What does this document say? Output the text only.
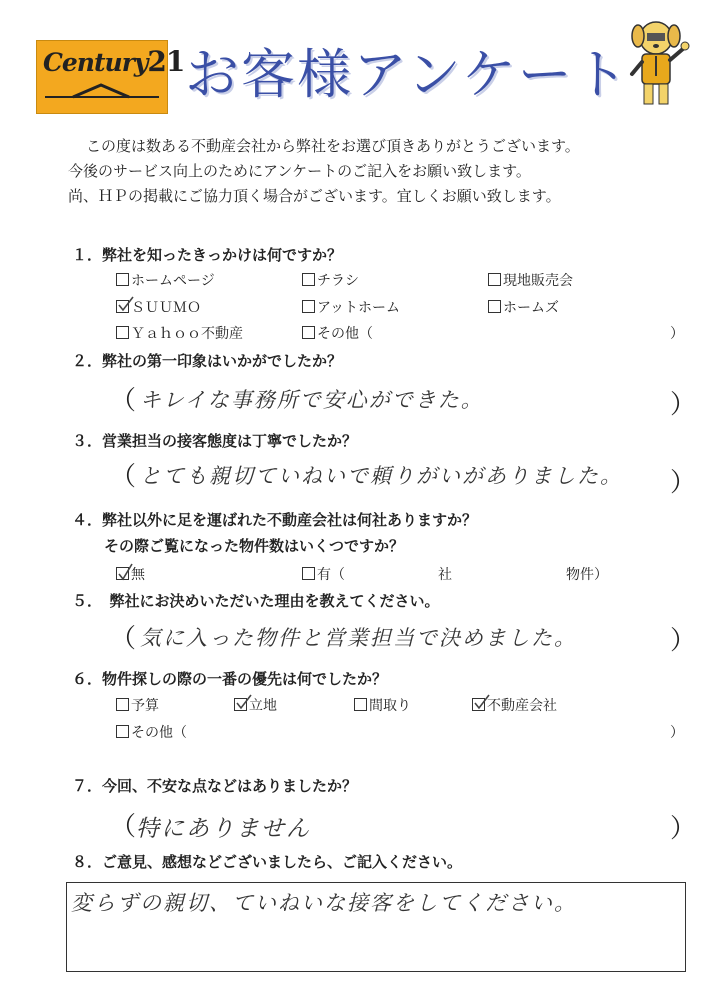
Century21 お客様アンケート
この度は数ある不動産会社から弊社をお選び頂きありがとうございます。
今後のサービス向上のためにアンケートのご記入をお願い致します。
尚、ＨＰの掲載にご協力頂く場合がございます。宜しくお願い致します。
１．弊社を知ったきっかけは何ですか？
ホームページ	チラシ	現地販売会
ＳＵＵＭＯ	アットホーム	ホームズ
Ｙａｈｏｏ不動産	その他（	）
２．弊社の第一印象はいかがでしたか？
（ キレイな事務所で安心ができた。	）
３．営業担当の接客態度は丁寧でしたか？
（ とても親切ていねいで頼りがいがありました。 ）
４．弊社以外に足を運ばれた不動産会社は何社ありますか？
その際ご覧になった物件数はいくつですか？
無	有（	社	物件）
５．　弊社にお決めいただいた理由を教えてください。
（ 気に入った物件と営業担当で決めました。	）
６．物件探しの際の一番の優先は何でしたか？
予算	立地	間取り	不動産会社
その他（	）
７．今回、不安な点などはありましたか？
（ 特にありません	）
８．ご意見、感想などございましたら、ご記入ください。
変らずの親切、ていねいな接客をしてください。
